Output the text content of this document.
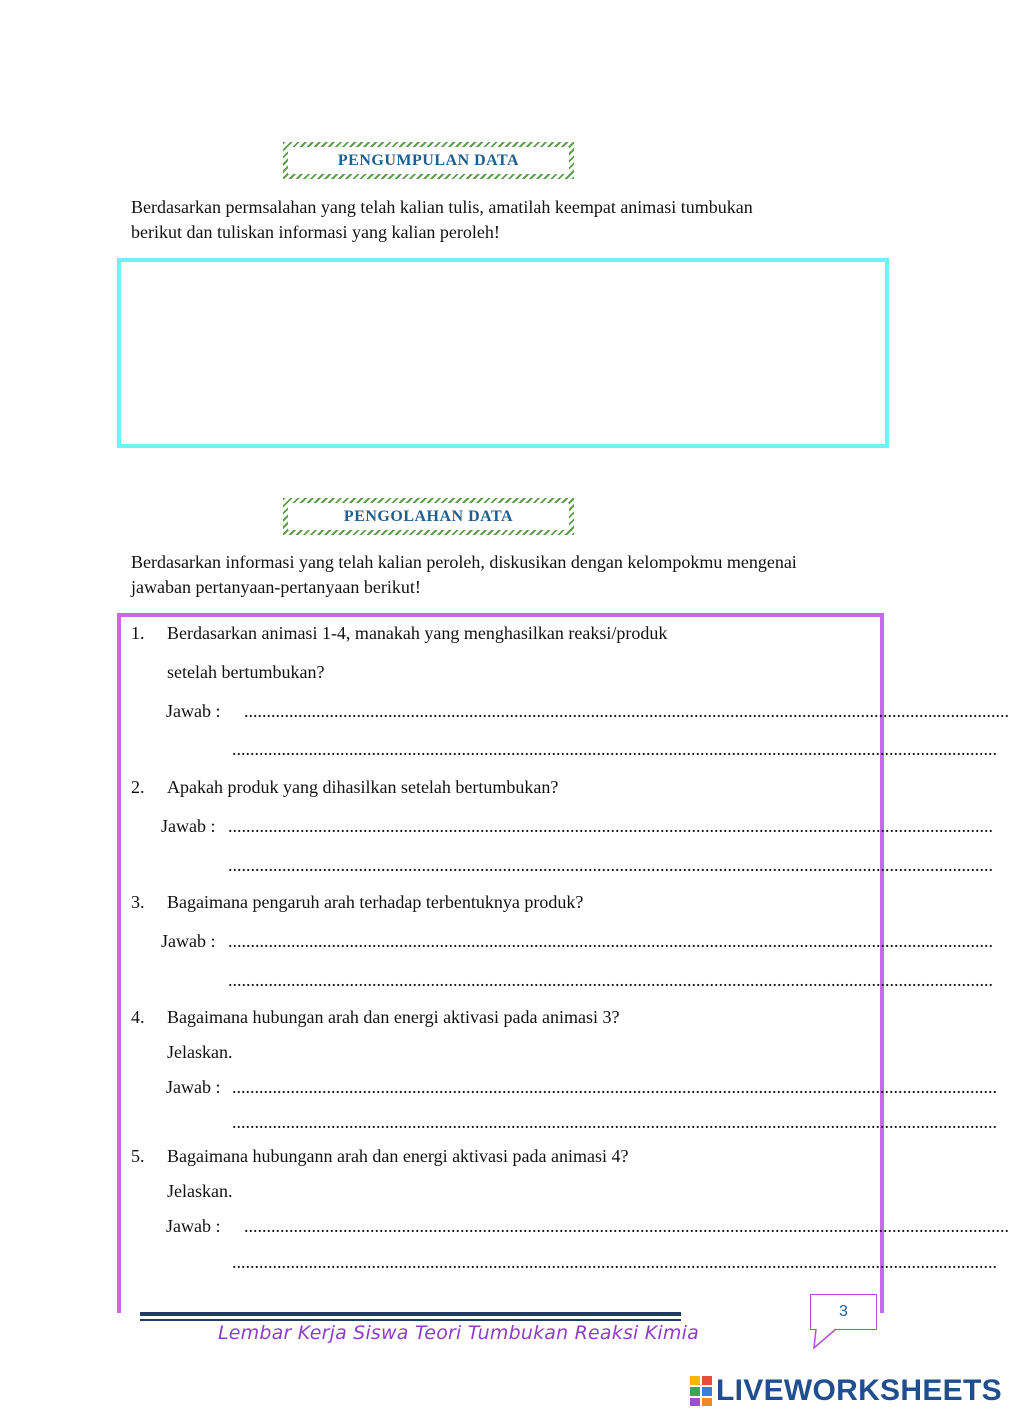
PENGUMPULAN DATA
Berdasarkan permsalahan yang telah kalian tulis, amatilah keempat animasi tumbukan
berikut dan tuliskan informasi yang kalian peroleh!
PENGOLAHAN DATA
Berdasarkan informasi yang telah kalian peroleh, diskusikan dengan kelompokmu mengenai
jawaban pertanyaan-pertanyaan berikut!
1. Berdasarkan animasi 1-4, manakah yang menghasilkan reaksi/produk
setelah bertumbukan?
Jawab : ..........................................................................................................................................................................
..........................................................................................................................................................................
2. Apakah produk yang dihasilkan setelah bertumbukan?
Jawab : ..........................................................................................................................................................................
..........................................................................................................................................................................
3. Bagaimana pengaruh arah terhadap terbentuknya produk?
Jawab : ..........................................................................................................................................................................
..........................................................................................................................................................................
4. Bagaimana hubungan arah dan energi aktivasi pada animasi 3?
Jelaskan.
Jawab : ..........................................................................................................................................................................
..........................................................................................................................................................................
5. Bagaimana hubungann arah dan energi aktivasi pada animasi 4?
Jelaskan.
Jawab : ..........................................................................................................................................................................
..........................................................................................................................................................................
Lembar Kerja Siswa Teori Tumbukan Reaksi Kimia
3
LIVEWORKSHEETS
